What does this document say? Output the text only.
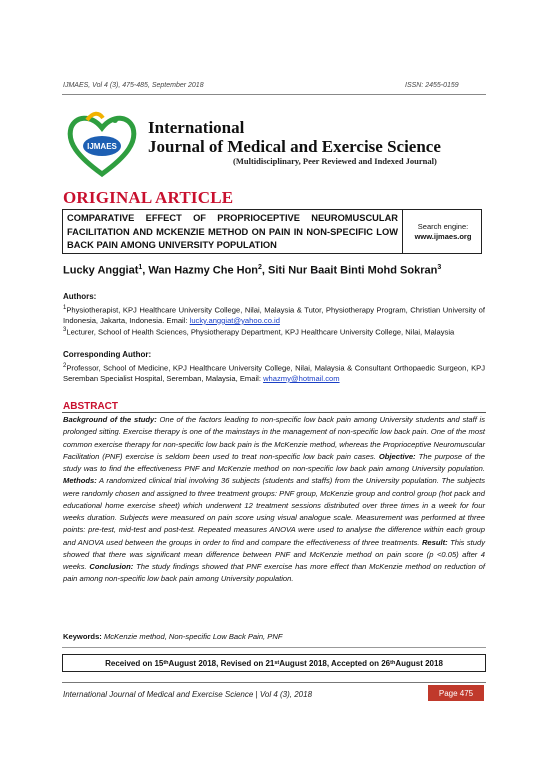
IJMAES, Vol 4 (3), 475-485, September 2018	ISSN: 2455-0159
IJMAES
International
Journal of Medical and Exercise Science
(Multidisciplinary, Peer Reviewed and Indexed Journal)
ORIGINAL ARTICLE
COMPARATIVE EFFECT OF PROPRIOCEPTIVE NEUROMUSCULAR FACILITATION AND MCKENZIE METHOD ON PAIN IN NON-SPECIFIC LOW BACK PAIN AMONG UNIVERSITY POPULATION
Search engine:
www.ijmaes.org
Lucky Anggiat$^1$, Wan Hazmy Che Hon$^2$, Siti Nur Baait Binti Mohd Sokran$^3$
Authors:
$^1$Physiotherapist, KPJ Healthcare University College, Nilai, Malaysia & Tutor, Physiotherapy Program, Christian University of Indonesia, Jakarta, Indonesia. Email: lucky.anggiat@yahoo.co.id
$^3$Lecturer, School of Health Sciences, Physiotherapy Department, KPJ Healthcare University College, Nilai, Malaysia
Corresponding Author:
$^2$Professor, School of Medicine, KPJ Healthcare University College, Nilai, Malaysia & Consultant Orthopaedic Surgeon, KPJ Seremban Specialist Hospital, Seremban, Malaysia, Email: whazmy@hotmail.com
ABSTRACT
Background of the study: One of the factors leading to non-specific low back pain among University students and staff is prolonged sitting. Exercise therapy is one of the mainstays in the management of non-specific low back pain. One of the most common exercise therapy for non-specific low back pain is the McKenzie method, whereas the Proprioceptive Neuromuscular Facilitation (PNF) exercise is seldom been used to treat non-specific low back pain cases. Objective: The purpose of the study was to find the effectiveness PNF and McKenzie method on non-specific low back pain among University population. Methods: A randomized clinical trial involving 36 subjects (students and staffs) from the University population. The subjects were randomly chosen and assigned to three treatment groups: PNF group, McKenzie group and control group (hot pack and educational home exercise sheet) which underwent 12 treatment sessions distributed over three times in a week for four weeks duration. Subjects were measured on pain score using visual analogue scale. Measurement was performed at three points: pre-test, mid-test and post-test. Repeated measures ANOVA were used to analyse the difference within each group and ANOVA used between the groups in order to find and compare the effectiveness of three treatments. Result: This study showed that there was significant mean difference between PNF and McKenzie method on pain score (p <0.05) after 4 weeks. Conclusion: The study findings showed that PNF exercise has more effect than McKenzie method on reduction of pain among non-specific low back pain among University population.
Keywords: McKenzie method, Non-specific Low Back Pain, PNF
Received on 15 th August 2018, Revised on 21 st August 2018, Accepted on 26 th August 2018
International Journal of Medical and Exercise Science | Vol 4 (3), 2018	Page 475
